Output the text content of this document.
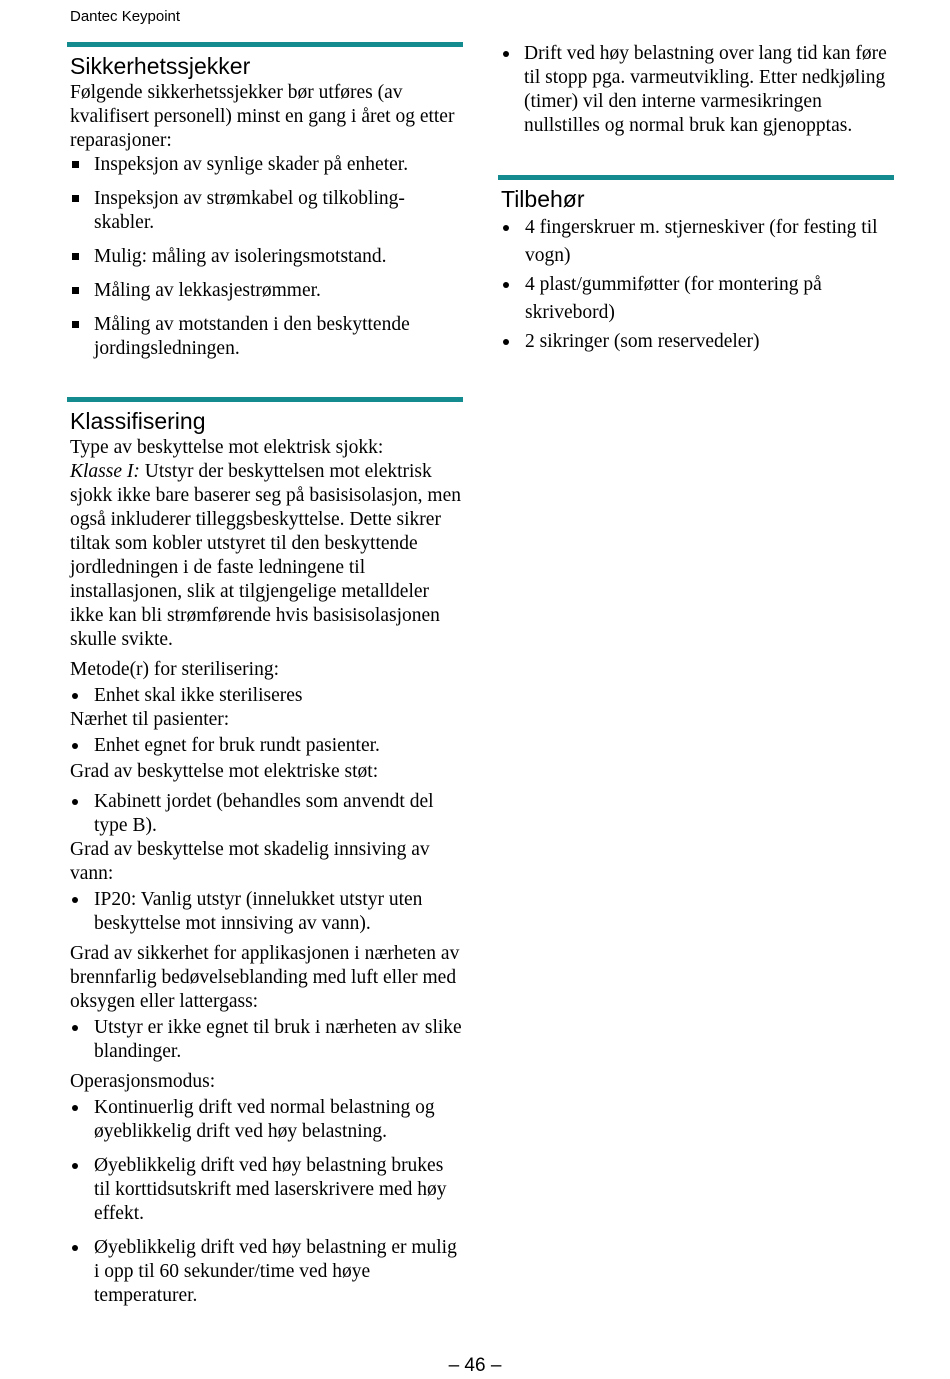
Dantec Keypoint
Sikkerhetssjekker

Følgende sikkerhetssjekker bør utføres (av kvalifisert personell) minst en gang i året og etter reparasjoner:

Inspeksjon av synlige skader på enheter.
Inspeksjon av strømkabel og tilkobling-skabler.
Mulig: måling av isoleringsmotstand.
Måling av lekkasjestrømmer.
Måling av motstanden i den beskyttende jordingsledningen.
Klassifisering

Type av beskyttelse mot elektrisk sjokk:

Klasse I: Utstyr der beskyttelsen mot elektrisk sjokk ikke bare baserer seg på basisisolasjon, men også inkluderer tilleggsbeskyttelse. Dette sikrer tiltak som kobler utstyret til den beskyttende jordledningen i de faste ledningene til installasjonen, slik at tilgjengelige metalldeler ikke kan bli strømførende hvis basisisolasjonen skulle svikte.

Metode(r) for sterilisering:

Enhet skal ikke steriliseres

Nærhet til pasienter:

Enhet egnet for bruk rundt pasienter.

Grad av beskyttelse mot elektriske støt:

Kabinett jordet (behandles som anvendt del type B).

Grad av beskyttelse mot skadelig innsiving av vann:

IP20: Vanlig utstyr (innelukket utstyr uten beskyttelse mot innsiving av vann).

Grad av sikkerhet for applikasjonen i nærheten av brennfarlig bedøvelseblanding med luft eller med oksygen eller lattergass:

Utstyr er ikke egnet til bruk i nærheten av slike blandinger.

Operasjonsmodus:

Kontinuerlig drift ved normal belastning og øyeblikkelig drift ved høy belastning.
Øyeblikkelig drift ved høy belastning brukes til korttidsutskrift med laserskrivere med høy effekt.
Øyeblikkelig drift ved høy belastning er mulig i opp til 60 sekunder/time ved høye temperaturer.
Drift ved høy belastning over lang tid kan føre til stopp pga. varmeutvikling. Etter nedkjøling (timer) vil den interne varmesikringen nullstilles og normal bruk kan gjenopptas.
Tilbehør
4 fingerskruer m. stjerneskiver (for festing til vogn)
4 plast/gummiføtter (for montering på skrivebord)
2 sikringer (som reservedeler)
– 46 –
